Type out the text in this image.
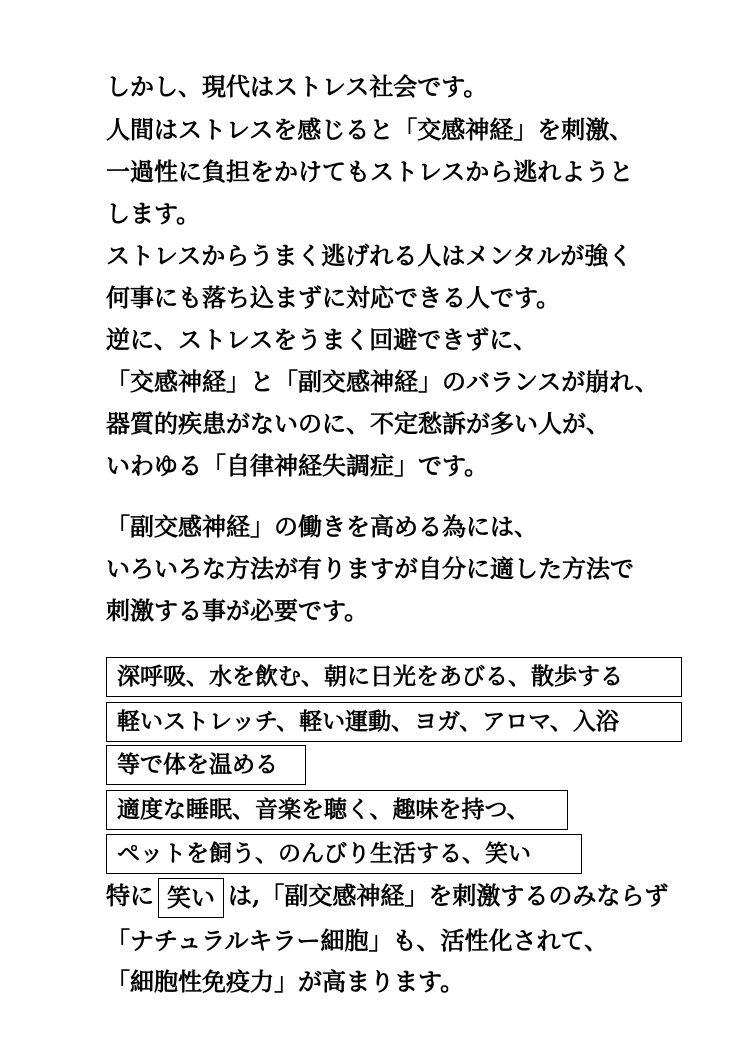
しかし、現代はストレス社会です。
人間はストレスを感じると「交感神経」を刺激、
一過性に負担をかけてもストレスから逃れようと
します。
ストレスからうまく逃げれる人はメンタルが強く
何事にも落ち込まずに対応できる人です。
逆に、ストレスをうまく回避できずに、
「交感神経」と「副交感神経」のバランスが崩れ、
器質的疾患がないのに、不定愁訴が多い人が、
いわゆる「自律神経失調症」です。
「副交感神経」の働きを高める為には、
いろいろな方法が有りますが自分に適した方法で
刺激する事が必要です。
深呼吸、水を飲む、朝に日光をあびる、散歩する
軽いストレッチ、軽い運動、ヨガ、アロマ、入浴
等で体を温める
適度な睡眠、音楽を聴く、趣味を持つ、
ペットを飼う、のんびり生活する、笑い
特に 笑い は,「副交感神経」を刺激するのみならず
「ナチュラルキラー細胞」も、活性化されて、
「細胞性免疫力」が高まります。
